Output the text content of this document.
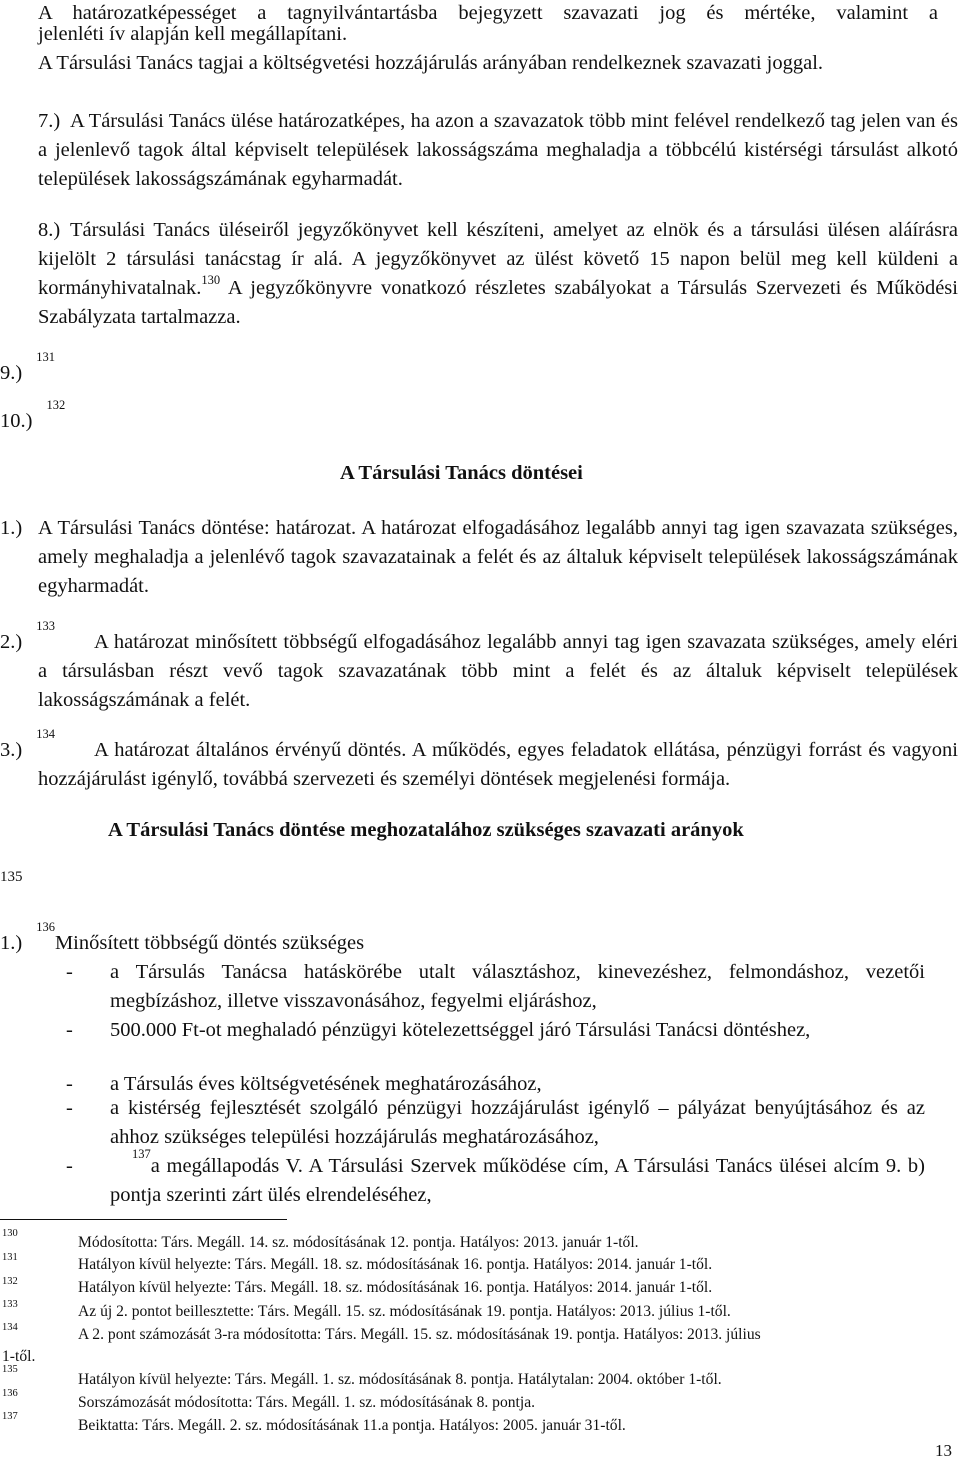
A határozatképességet a tagnyilvántartásba bejegyzett szavazati jog és mértéke, valamint a
jelenléti ív alapján kell megállapítani.
A Társulási Tanács tagjai a költségvetési hozzájárulás arányában rendelkeznek szavazati joggal.
7.) A Társulási Tanács ülése határozatképes, ha azon a szavazatok több mint felével rendelkező tag jelen van és a jelenlevő tagok által képviselt települések lakosságszáma meghaladja a többcélú kistérségi társulást alkotó települések lakosságszámának egyharmadát.
8.) Társulási Tanács üléseiről jegyzőkönyvet kell készíteni, amelyet az elnök és a társulási ülésen aláírásra kijelölt 2 társulási tanácstag ír alá. A jegyzőkönyvet az ülést követő 15 napon belül meg kell küldeni a kormányhivatalnak.$^{130}$ A jegyzőkönyvre vonatkozó részletes szabályokat a Társulás Szervezeti és Működési Szabályzata tartalmazza.
9.)$^{131}$
10.)$^{132}$
A Társulási Tanács döntései
1.) A Társulási Tanács döntése: határozat. A határozat elfogadásához legalább annyi tag igen szavazata szükséges, amely meghaladja a jelenlévő tagok szavazatainak a felét és az általuk képviselt települések lakosságszámának egyharmadát.
2.)$^{133}$
A határozat minősített többségű elfogadásához legalább annyi tag igen szavazata szükséges, amely eléri a társulásban részt vevő tagok szavazatának több mint a felét és az általuk képviselt települések lakosságszámának a felét.
3.)$^{134}$
A határozat általános érvényű döntés. A működés, egyes feladatok ellátása, pénzügyi forrást és vagyoni hozzájárulást igénylő, továbbá szervezeti és személyi döntések megjelenési formája.
A Társulási Tanács döntése meghozatalához szükséges szavazati arányok
135
1.)$^{136}$Minősített többségű döntés szükséges
- a Társulás Tanácsa hatáskörébe utalt választáshoz, kinevezéshez, felmondáshoz, vezetői megbízáshoz, illetve visszavonásához, fegyelmi eljáráshoz,
- 500.000 Ft-ot meghaladó pénzügyi kötelezettséggel járó Társulási Tanácsi döntéshez,
- a Társulás éves költségvetésének meghatározásához,
- a kistérség fejlesztését szolgáló pénzügyi hozzájárulást igénylő – pályázat benyújtásához és az ahhoz szükséges települési hozzájárulás meghatározásához,
-
$^{137}$a megállapodás V. A Társulási Szervek működése cím, A Társulási Tanács ülései alcím 9. b) pontja szerinti zárt ülés elrendeléséhez,
130
Módosította: Társ. Megáll. 14. sz. módosításának 12. pontja. Hatályos: 2013. január 1-től.
131	Hatályon kívül helyezte: Társ. Megáll. 18. sz. módosításának 16. pontja. Hatályos: 2014. január 1-től.
132	Hatályon kívül helyezte: Társ. Megáll. 18. sz. módosításának 16. pontja. Hatályos: 2014. január 1-től.
133	Az új 2. pontot beillesztette: Társ. Megáll. 15. sz. módosításának 19. pontja. Hatályos: 2013. július 1-től.
134	A 2. pont számozását 3-ra módosította: Társ. Megáll. 15. sz. módosításának 19. pontja. Hatályos: 2013. július
1-től.
135
Hatályon kívül helyezte: Társ. Megáll. 1. sz. módosításának 8. pontja. Hatálytalan: 2004. október 1-től.
136
Sorszámozását módosította: Társ. Megáll. 1. sz. módosításának 8. pontja.
137
Beiktatta: Társ. Megáll. 2. sz. módosításának 11.a pontja. Hatályos: 2005. január 31-től.
13
